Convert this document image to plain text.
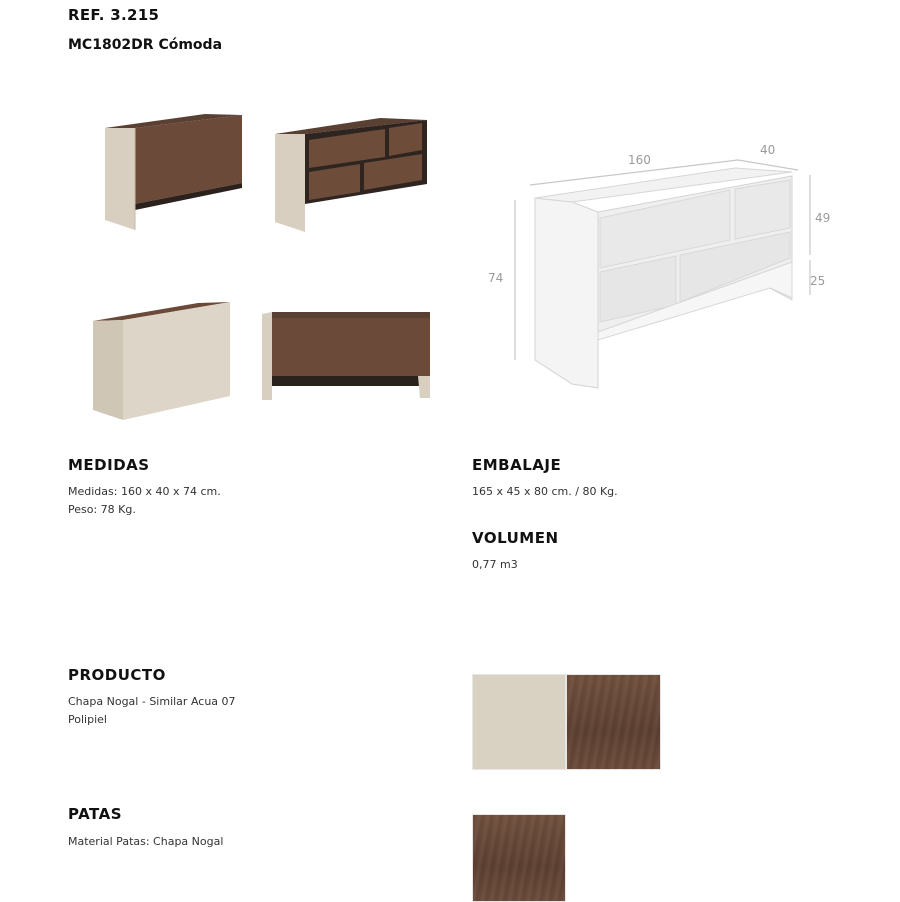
REF. 3.215
MC1802DR Cómoda
160
40
74
49
25
MEDIDAS
Medidas: 160 x 40 x 74 cm.
Peso: 78 Kg.
EMBALAJE
165 x 45 x 80 cm. / 80 Kg.
VOLUMEN
0,77 m3
PRODUCTO
Chapa Nogal - Similar Acua 07
Polipiel
PATAS
Material Patas: Chapa Nogal
